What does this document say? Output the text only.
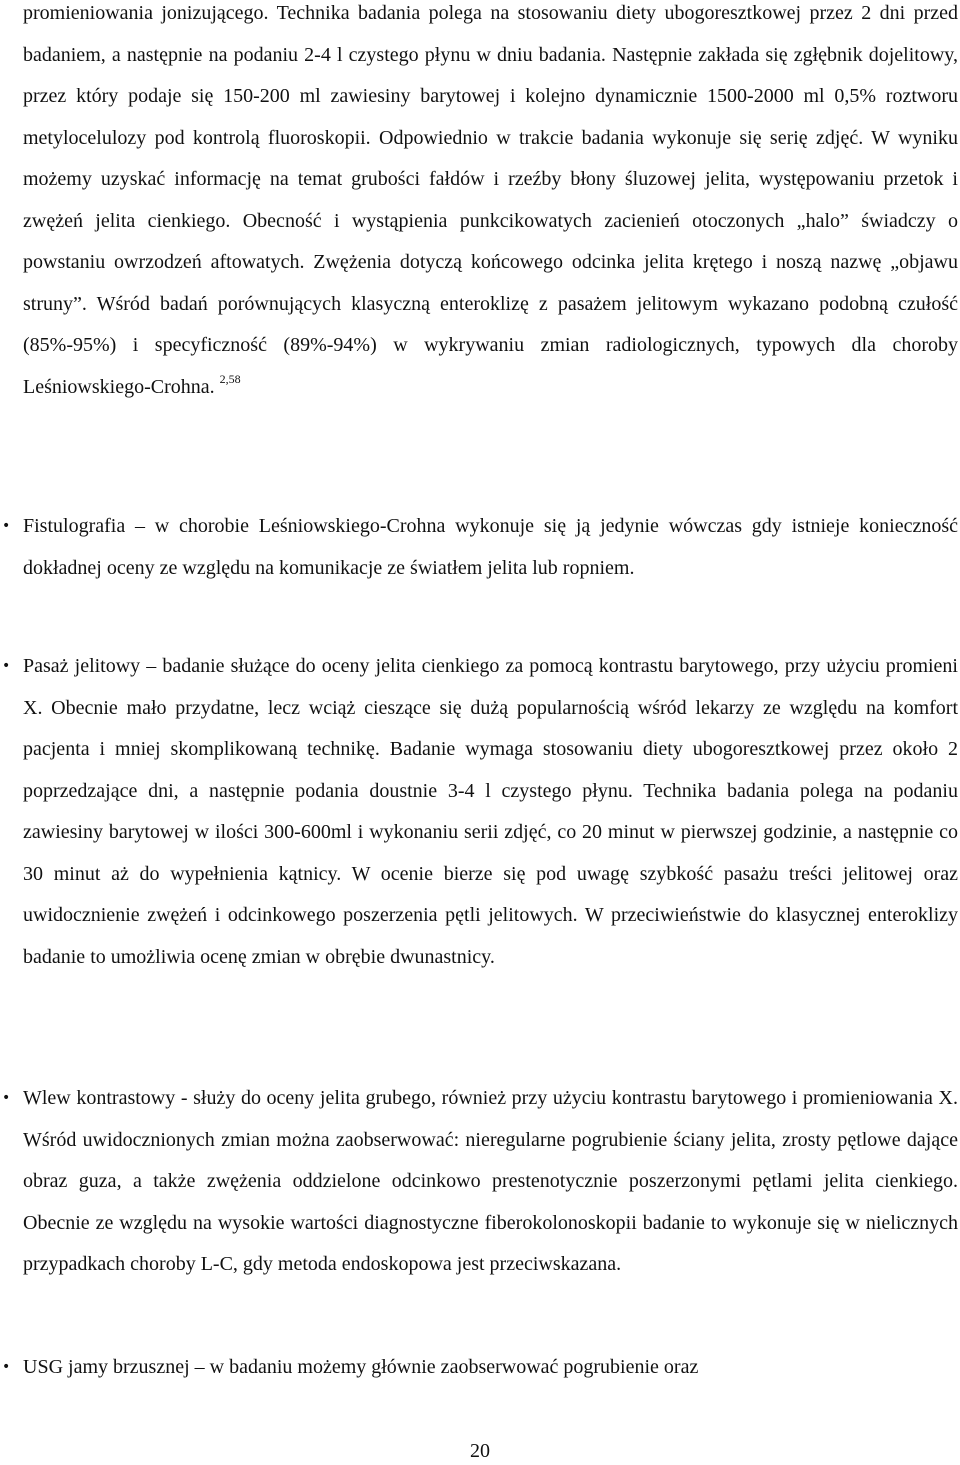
promieniowania jonizującego. Technika badania polega na stosowaniu diety ubogoresztkowej przez 2 dni przed badaniem, a następnie na podaniu 2-4 l czystego płynu w dniu badania. Następnie zakłada się zgłębnik dojelitowy, przez który podaje się 150-200 ml zawiesiny barytowej i kolejno dynamicznie 1500-2000 ml 0,5% roztworu metylocelulozy pod kontrolą fluoroskopii. Odpowiednio w trakcie badania wykonuje się serię zdjęć. W wyniku możemy uzyskać informację na temat grubości fałdów i rzeźby błony śluzowej jelita, występowaniu przetok i zwężeń jelita cienkiego. Obecność i wystąpienia punkcikowatych zacienień otoczonych „halo” świadczy o powstaniu owrzodzeń aftowatych. Zwężenia dotyczą końcowego odcinka jelita krętego i noszą nazwę „objawu struny”. Wśród badań porównujących klasyczną enteroklizę z pasażem jelitowym wykazano podobną czułość (85%-95%) i specyficzność (89%-94%) w wykrywaniu zmian radiologicznych, typowych dla choroby Leśniowskiego-Crohna. $^{2,58}$

• Fistulografia – w chorobie Leśniowskiego-Crohna wykonuje się ją jedynie wówczas gdy istnieje konieczność dokładnej oceny ze względu na komunikacje ze światłem jelita lub ropniem.
• Pasaż jelitowy – badanie służące do oceny jelita cienkiego za pomocą kontrastu barytowego, przy użyciu promieni X. Obecnie mało przydatne, lecz wciąż cieszące się dużą popularnością wśród lekarzy ze względu na komfort pacjenta i mniej skomplikowaną technikę. Badanie wymaga stosowaniu diety ubogoresztkowej przez około 2 poprzedzające dni, a następnie podania doustnie 3-4 l czystego płynu. Technika badania polega na podaniu zawiesiny barytowej w ilości 300-600ml i wykonaniu serii zdjęć, co 20 minut w pierwszej godzinie, a następnie co 30 minut aż do wypełnienia kątnicy. W ocenie bierze się pod uwagę szybkość pasażu treści jelitowej oraz uwidocznienie zwężeń i odcinkowego poszerzenia pętli jelitowych. W przeciwieństwie do klasycznej enteroklizy badanie to umożliwia ocenę zmian w obrębie dwunastnicy.
• Wlew kontrastowy - służy do oceny jelita grubego, również przy użyciu kontrastu barytowego i promieniowania X. Wśród uwidocznionych zmian można zaobserwować: nieregularne pogrubienie ściany jelita, zrosty pętlowe dające obraz guza, a także zwężenia oddzielone odcinkowo prestenotycznie poszerzonymi pętlami jelita cienkiego. Obecnie ze względu na wysokie wartości diagnostyczne fiberokolonoskopii badanie to wykonuje się w nielicznych przypadkach choroby L-C, gdy metoda endoskopowa jest przeciwskazana.
• USG jamy brzusznej – w badaniu możemy głównie zaobserwować pogrubienie oraz
20
